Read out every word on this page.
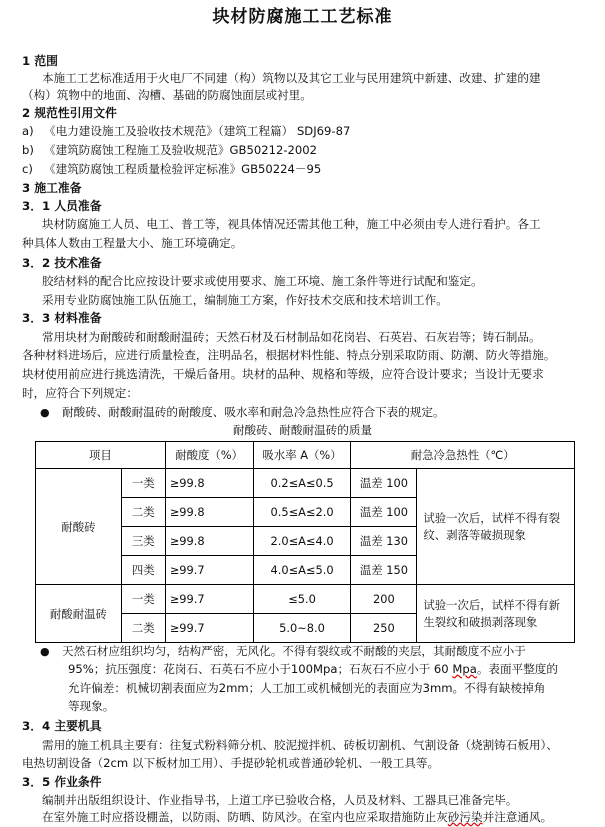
块材防腐施工工艺标准
1 范围
本施工工艺标准适用于火电厂不同建（构）筑物以及其它工业与民用建筑中新建、改建、扩建的建
（构）筑物中的地面、沟槽、基础的防腐蚀面层或衬里。
2 规范性引用文件
a) 《电力建设施工及验收技术规范》（建筑工程篇） SDJ69-87
b) 《建筑防腐蚀工程施工及验收规范》GB50212-2002
c) 《建筑防腐蚀工程质量检验评定标准》GB50224－95
3 施工准备
3．1 人员准备
块材防腐施工人员、电工、普工等，视具体情况还需其他工种，施工中必须由专人进行看护。各工
种具体人数由工程量大小、施工环境确定。
3．2 技术准备
胶结材料的配合比应按设计要求或使用要求、施工环境、施工条件等进行试配和鉴定。
采用专业防腐蚀施工队伍施工，编制施工方案，作好技术交底和技术培训工作。
3．3 材料准备
常用块材为耐酸砖和耐酸耐温砖；天然石材及石材制品如花岗岩、石英岩、石灰岩等；铸石制品。
各种材料进场后，应进行质量检查，注明品名，根据材料性能、特点分别采取防雨、防潮、防火等措施。
块材使用前应进行挑选清洗，干燥后备用。块材的品种、规格和等级，应符合设计要求；当设计无要求
时，应符合下列规定：
● 耐酸砖、耐酸耐温砖的耐酸度、吸水率和耐急冷急热性应符合下表的规定。
耐酸砖、耐酸耐温砖的质量
项目		耐酸度（%）	吸水率 A（%）	耐急冷急热性（℃）	
耐酸砖	一类	≥99.8	0.2≤A≤0.5	温差 100	试验一次后，试样不得有裂纹、剥落等破损现象
	二类	≥99.8	0.5≤A≤2.0	温差 100	
	三类	≥99.8	2.0≤A≤4.0	温差 130	
	四类	≥99.7	4.0≤A≤5.0	温差 150	
耐酸耐温砖	一类	≥99.7	≤5.0	200	试验一次后，试样不得有新生裂纹和破损剥落现象
	二类	≥99.7	5.0~8.0	250	
● 天然石材应组织均匀，结构严密，无风化。不得有裂纹或不耐酸的夹层，其耐酸度不应小于
95%；抗压强度：花岗石、石英石不应小于100Mpa；石灰石不应小于 60 Mpa。表面平整度的
允许偏差：机械切割表面应为2mm；人工加工或机械刨光的表面应为3mm。不得有缺棱掉角
等现象。
3．4 主要机具
需用的施工机具主要有：往复式粉料筛分机、胶泥搅拌机、砖板切割机、气割设备（烧割铸石板用）、
电热切割设备（2cm 以下板材加工用）、手提砂轮机或普通砂轮机、一般工具等。
3．5 作业条件
编制并出版组织设计、作业指导书，上道工序已验收合格，人员及材料、工器具已准备完毕。
在室外施工时应搭设棚盖，以防雨、防晒、防风沙。在室内也应采取措施防止灰砂污染并注意通风。
